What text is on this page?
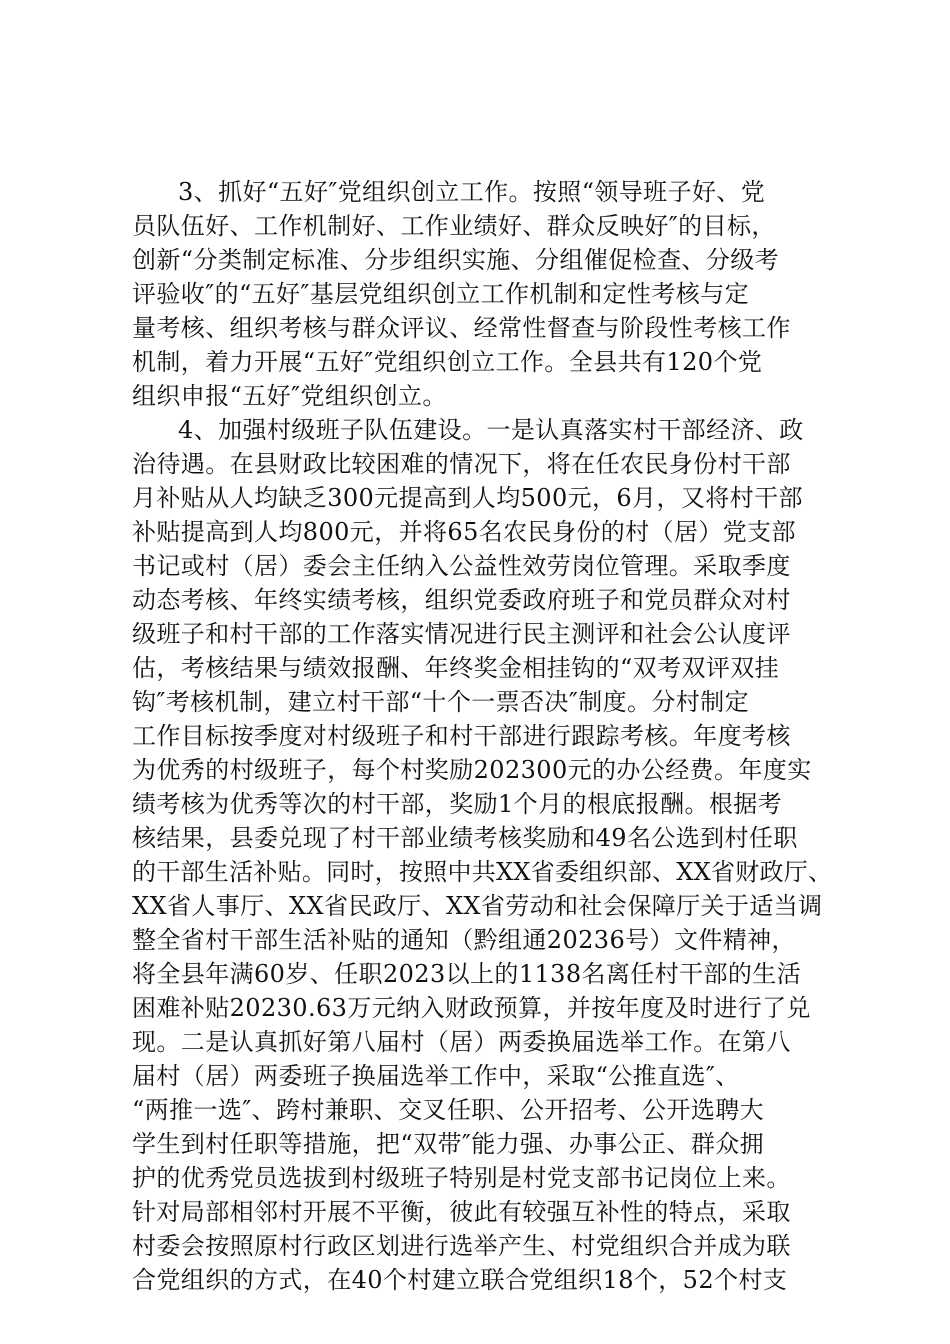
3、抓好“五好″党组织创立工作。按照“领导班子好、党
员队伍好、工作机制好、工作业绩好、群众反映好″的目标，
创新“分类制定标准、分步组织实施、分组催促检查、分级考
评验收″的“五好″基层党组织创立工作机制和定性考核与定
量考核、组织考核与群众评议、经常性督查与阶段性考核工作
机制，着力开展“五好″党组织创立工作。全县共有120个党
组织申报“五好″党组织创立。
4、加强村级班子队伍建设。一是认真落实村干部经济、政
治待遇。在县财政比较困难的情况下，将在任农民身份村干部
月补贴从人均缺乏300元提高到人均500元，6月，又将村干部
补贴提高到人均800元，并将65名农民身份的村（居）党支部
书记或村（居）委会主任纳入公益性效劳岗位管理。采取季度
动态考核、年终实绩考核，组织党委政府班子和党员群众对村
级班子和村干部的工作落实情况进行民主测评和社会公认度评
估，考核结果与绩效报酬、年终奖金相挂钩的“双考双评双挂
钩″考核机制，建立村干部“十个一票否决″制度。分村制定
工作目标按季度对村级班子和村干部进行跟踪考核。年度考核
为优秀的村级班子，每个村奖励202300元的办公经费。年度实
绩考核为优秀等次的村干部，奖励1个月的根底报酬。根据考
核结果，县委兑现了村干部业绩考核奖励和49名公选到村任职
的干部生活补贴。同时，按照中共XX省委组织部、XX省财政厅、
XX省人事厅、XX省民政厅、XX省劳动和社会保障厅关于适当调
整全省村干部生活补贴的通知（黔组通20236号）文件精神，
将全县年满60岁、任职2023以上的1138名离任村干部的生活
困难补贴20230.63万元纳入财政预算，并按年度及时进行了兑
现。二是认真抓好第八届村（居）两委换届选举工作。在第八
届村（居）两委班子换届选举工作中，采取“公推直选″、
“两推一选″、跨村兼职、交叉任职、公开招考、公开选聘大
学生到村任职等措施，把“双带″能力强、办事公正、群众拥
护的优秀党员选拔到村级班子特别是村党支部书记岗位上来。
针对局部相邻村开展不平衡，彼此有较强互补性的特点，采取
村委会按照原村行政区划进行选举产生、村党组织合并成为联
合党组织的方式，在40个村建立联合党组织18个，52个村支
